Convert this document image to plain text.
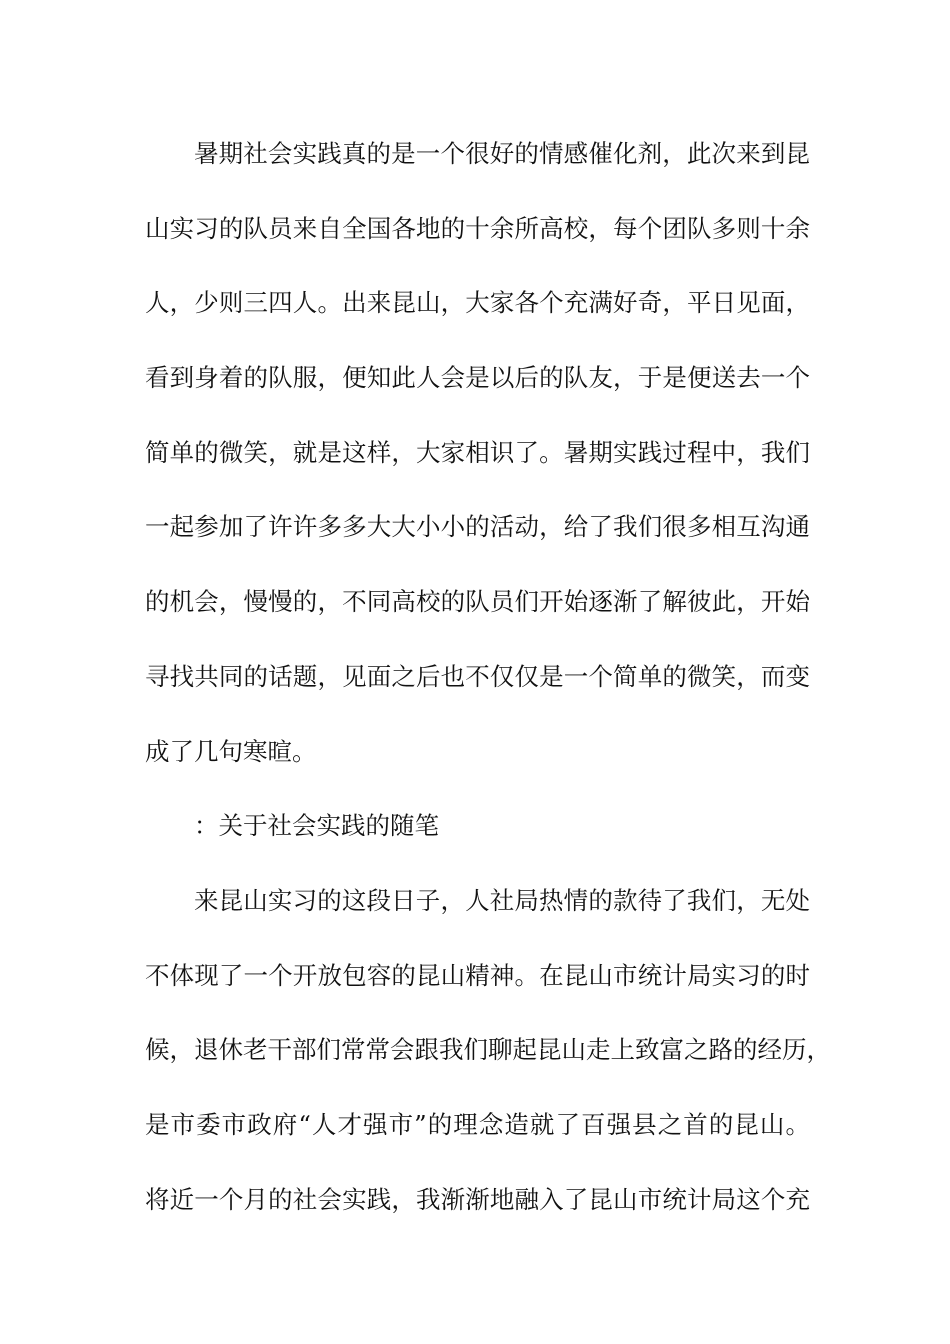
暑期社会实践真的是一个很好的情感催化剂，此次来到昆
山实习的队员来自全国各地的十余所高校，每个团队多则十余
人，少则三四人。出来昆山，大家各个充满好奇，平日见面，
看到身着的队服，便知此人会是以后的队友，于是便送去一个
简单的微笑，就是这样，大家相识了。暑期实践过程中，我们
一起参加了许许多多大大小小的活动，给了我们很多相互沟通
的机会，慢慢的，不同高校的队员们开始逐渐了解彼此，开始
寻找共同的话题，见面之后也不仅仅是一个简单的微笑，而变
成了几句寒暄。
：关于社会实践的随笔
来昆山实习的这段日子，人社局热情的款待了我们，无处
不体现了一个开放包容的昆山精神。在昆山市统计局实习的时
候，退休老干部们常常会跟我们聊起昆山走上致富之路的经历，
是市委市政府“人才强市”的理念造就了百强县之首的昆山。
将近一个月的社会实践，我渐渐地融入了昆山市统计局这个充
